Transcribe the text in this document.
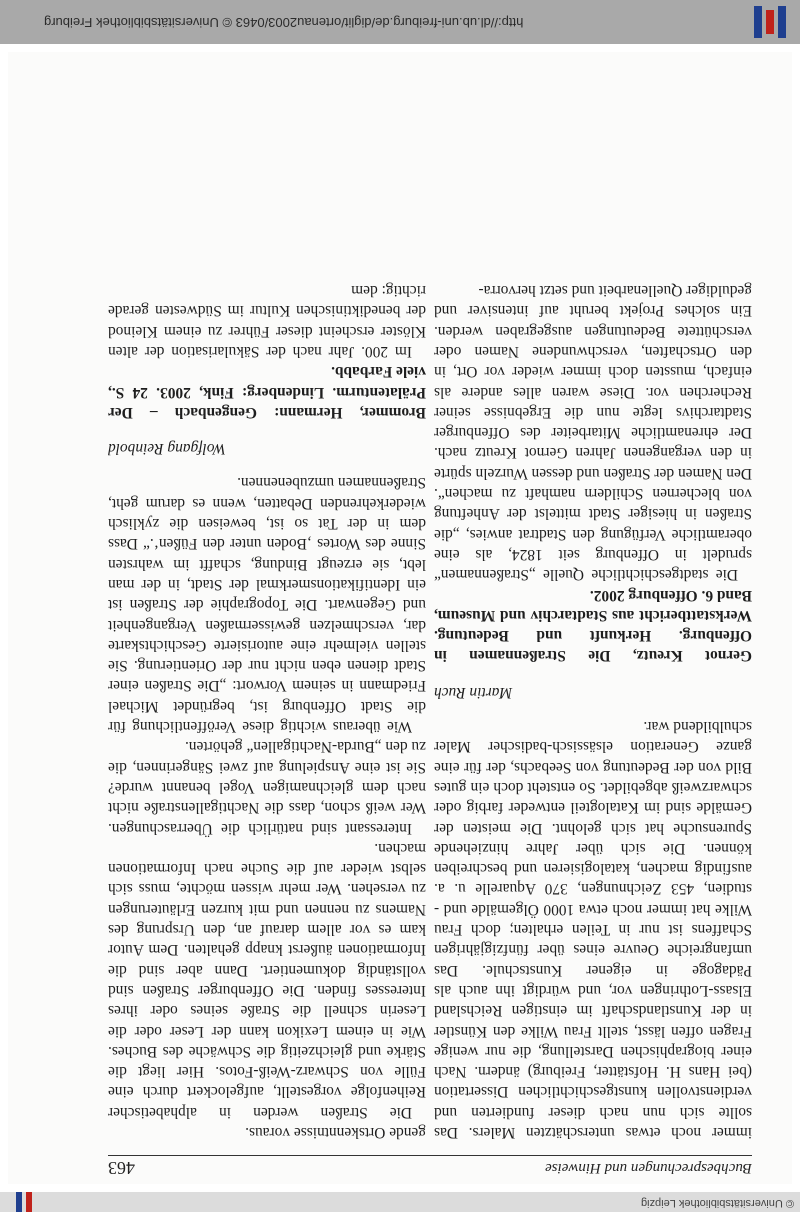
© Universitätsbibliothek Leipzig
Buchbesprechungen und Hinweise
463

immer noch etwas unterschätzten Malers. Das sollte sich nun nach dieser fundierten und verdienstvollen kunstgeschichtlichen Dissertation (bei Hans H. Hofstätter, Freiburg) ändern. Nach einer biographischen Darstellung, die nur wenige Fragen offen lässt, stellt Frau Wilke den Künstler in der Kunstlandschaft im einstigen Reichsland Elsass-Lothringen vor, und würdigt ihn auch als Pädagoge in eigener Kunstschule. Das umfangreiche Oeuvre eines über fünfzigjährigen Schaffens ist nur in Teilen erhalten; doch Frau Wilke hat immer noch etwa 1000 Ölgemälde und -studien, 453 Zeichnungen, 370 Aquarelle u. a. ausfindig machen, katalogisieren und beschreiben können. Die sich über Jahre hinziehende Spurensuche hat sich gelohnt. Die meisten der Gemälde sind im Katalogteil entweder farbig oder schwarzweiß abgebildet. So entsteht doch ein gutes Bild von der Bedeutung von Seebachs, der für eine ganze Generation elsässisch-badischer Maler schulbildend war.

Martin Ruch

Gernot Kreutz, Die Straßennamen in Offenburg. Herkunft und Bedeutung. Werkstattbericht aus Stadtarchiv und Museum, Band 6. Offenburg 2002.

Die stadtgeschichtliche Quelle „Straßennamen“ sprudelt in Offenburg seit 1824, als eine oberamtliche Verfügung den Stadtrat anwies, „die Straßen in hiesiger Stadt mittelst der Anheftung von blechernen Schildern namhaft zu machen“. Den Namen der Straßen und dessen Wurzeln spürte in den vergangenen Jahren Gernot Kreutz nach. Der ehrenamtliche Mitarbeiter des Offenburger Stadtarchivs legte nun die Ergebnisse seiner Recherchen vor. Diese waren alles andere als einfach, mussten doch immer wieder vor Ort, in den Ortschaften, verschwundene Namen oder verschüttete Bedeutungen ausgegraben werden. Ein solches Projekt beruht auf intensiver und geduldiger Quellenarbeit und setzt hervorra-

gende Ortskenntnisse voraus.

Die Straßen werden in alphabetischer Reihenfolge vorgestellt, aufgelockert durch eine Fülle von Schwarz-Weiß-Fotos. Hier liegt die Stärke und gleichzeitig die Schwäche des Buches. Wie in einem Lexikon kann der Leser oder die Leserin schnell die Straße seines oder ihres Interesses finden. Die Offenburger Straßen sind vollständig dokumentiert. Dann aber sind die Informationen äußerst knapp gehalten. Dem Autor kam es vor allem darauf an, den Ursprung des Namens zu nennen und mit kurzen Erläuterungen zu versehen. Wer mehr wissen möchte, muss sich selbst wieder auf die Suche nach Informationen machen.

Interessant sind natürlich die Überraschungen. Wer weiß schon, dass die Nachtigallenstraße nicht nach dem gleichnamigen Vogel benannt wurde? Sie ist eine Anspielung auf zwei Sängerinnen, die zu den „Burda-Nachtigallen“ gehörten.

Wie überaus wichtig diese Veröffentlichung für die Stadt Offenburg ist, begründet Michael Friedmann in seinem Vorwort: „Die Straßen einer Stadt dienen eben nicht nur der Orientierung. Sie stellen vielmehr eine autorisierte Geschichtskarte dar, verschmelzen gewissermaßen Vergangenheit und Gegenwart. Die Topographie der Straßen ist ein Identifikationsmerkmal der Stadt, in der man lebt, sie erzeugt Bindung, schafft im wahrsten Sinne des Wortes ‚Boden unter den Füßen‘.“ Dass dem in der Tat so ist, beweisen die zyklisch wiederkehrenden Debatten, wenn es darum geht, Straßennamen umzubenennen.

Wolfgang Reinbold

Brommer, Hermann: Gengenbach – Der Prälatenturm. Lindenberg: Fink, 2003. 24 S., viele Farbabb.

Im 200. Jahr nach der Säkularisation der alten Klöster erscheint dieser Führer zu einem Kleinod der benediktinischen Kultur im Südwesten gerade richtig: dem

http://dl.ub.uni-freiburg.de/diglit/ortenau2003/0463 © Universitätsbibliothek Freiburg
